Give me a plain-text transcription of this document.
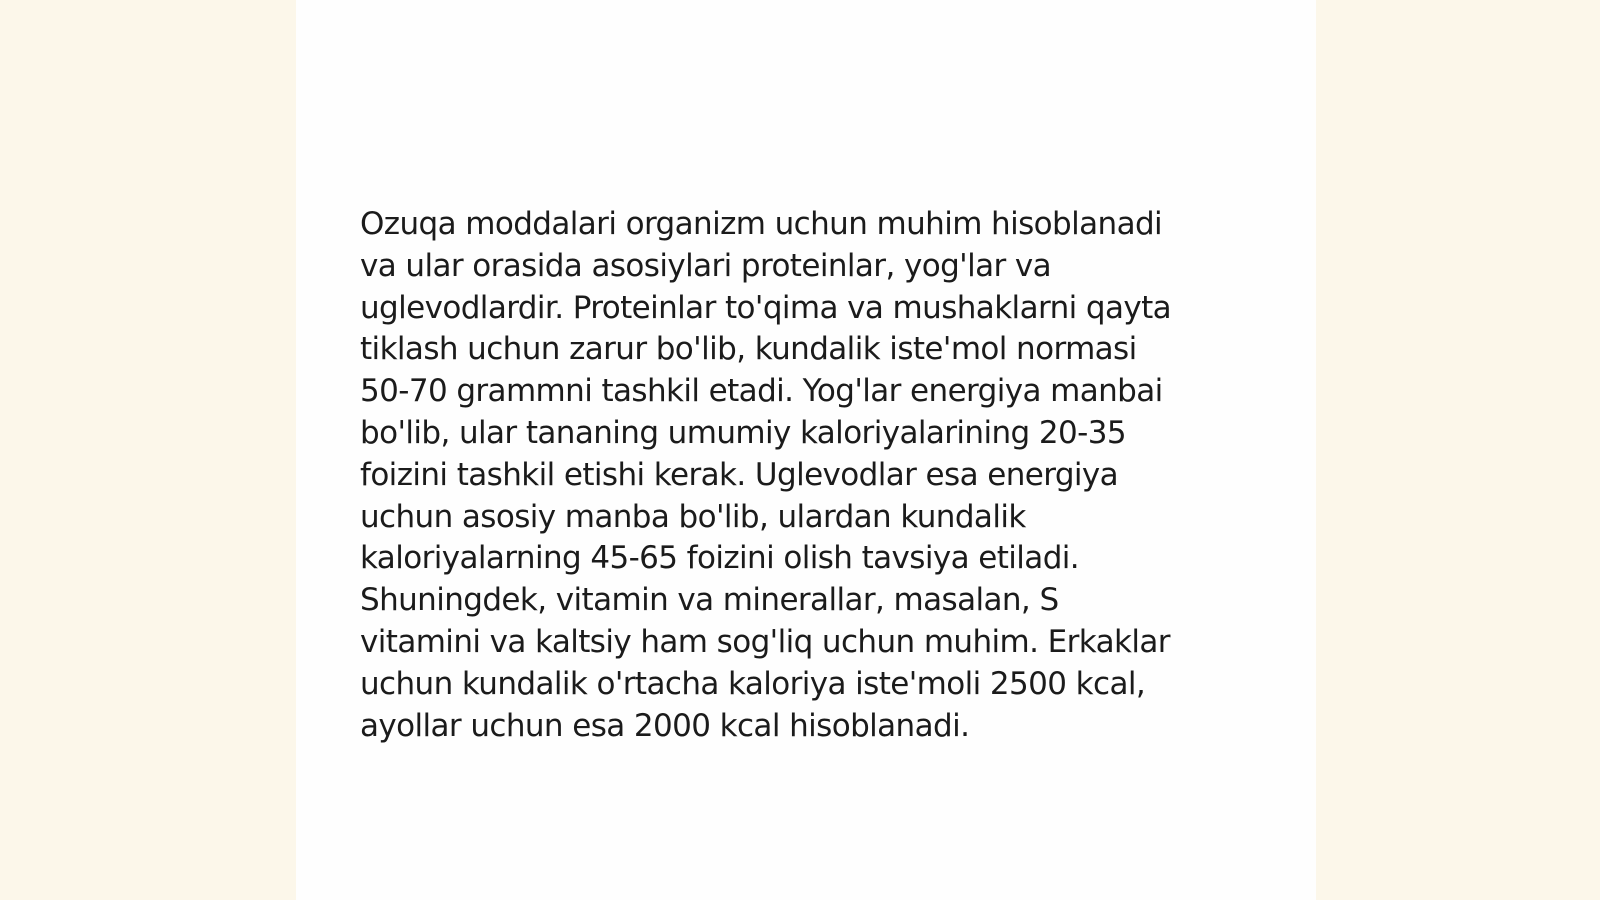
Ozuqa moddalari organizm uchun muhim hisoblanadi
va ular orasida asosiylari proteinlar, yog'lar va
uglevodlardir. Proteinlar to'qima va mushaklarni qayta
tiklash uchun zarur bo'lib, kundalik iste'mol normasi
50-70 grammni tashkil etadi. Yog'lar energiya manbai
bo'lib, ular tananing umumiy kaloriyalarining 20-35
foizini tashkil etishi kerak. Uglevodlar esa energiya
uchun asosiy manba bo'lib, ulardan kundalik
kaloriyalarning 45-65 foizini olish tavsiya etiladi.
Shuningdek, vitamin va minerallar, masalan, S
vitamini va kaltsiy ham sog'liq uchun muhim. Erkaklar
uchun kundalik o'rtacha kaloriya iste'moli 2500 kcal,
ayollar uchun esa 2000 kcal hisoblanadi.
